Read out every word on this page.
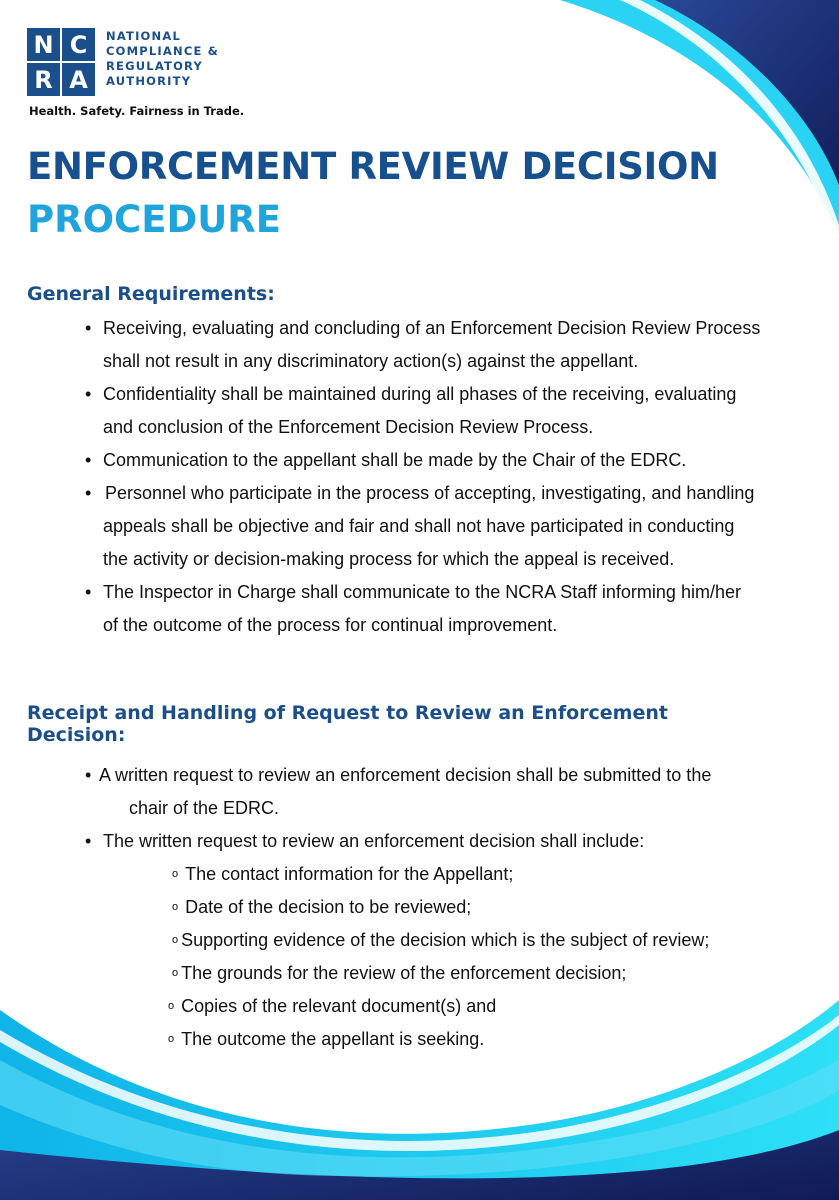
N C
R A
NATIONAL
COMPLIANCE &
REGULATORY
AUTHORITY
Health. Safety. Fairness in Trade.
ENFORCEMENT REVIEW DECISION
PROCEDURE
General Requirements:
• Receiving, evaluating and concluding of an Enforcement Decision Review Process
shall not result in any discriminatory action(s) against the appellant.
• Confidentiality shall be maintained during all phases of the receiving, evaluating
and conclusion of the Enforcement Decision Review Process.
• Communication to the appellant shall be made by the Chair of the EDRC.
• Personnel who participate in the process of accepting, investigating, and handling
appeals shall be objective and fair and shall not have participated in conducting
the activity or decision-making process for which the appeal is received.
• The Inspector in Charge shall communicate to the NCRA Staff informing him/her
of the outcome of the process for continual improvement.
Receipt and Handling of Request to Review an Enforcement
Decision:
• A written request to review an enforcement decision shall be submitted to the
chair of the EDRC.
• The written request to review an enforcement decision shall include:
o The contact information for the Appellant;
o Date of the decision to be reviewed;
o Supporting evidence of the decision which is the subject of review;
o The grounds for the review of the enforcement decision;
o Copies of the relevant document(s) and
o The outcome the appellant is seeking.
